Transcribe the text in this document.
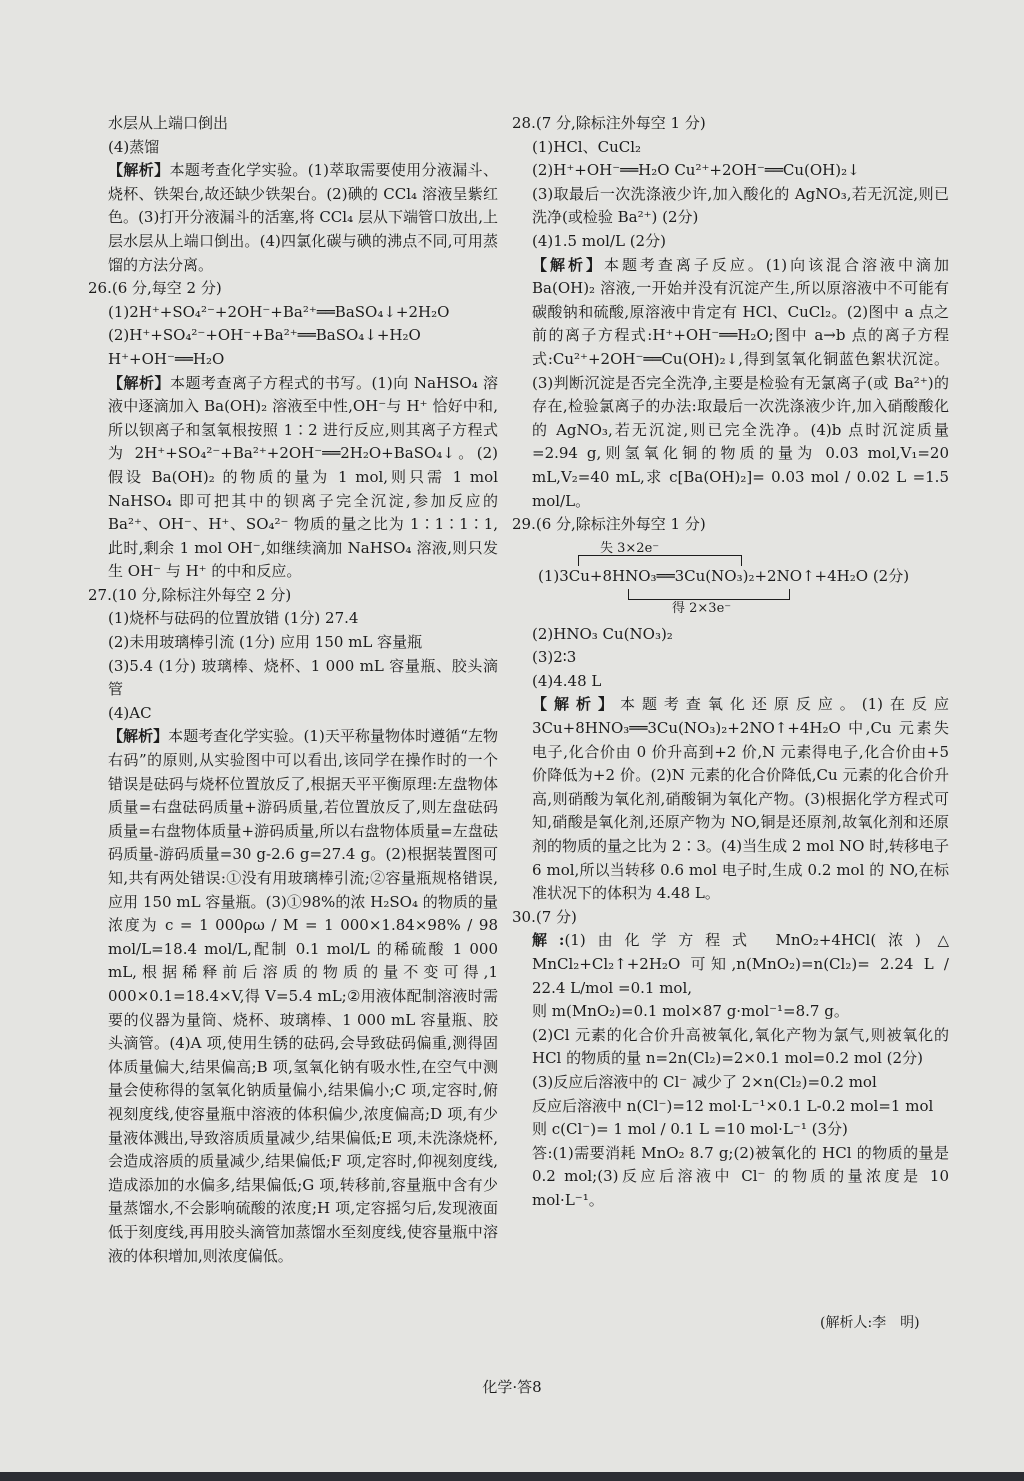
水层从上端口倒出

(4)蒸馏

【解析】本题考查化学实验。(1)萃取需要使用分液漏斗、烧杯、铁架台,故还缺少铁架台。(2)碘的 CCl₄ 溶液呈紫红色。(3)打开分液漏斗的活塞,将 CCl₄ 层从下端管口放出,上层水层从上端口倒出。(4)四氯化碳与碘的沸点不同,可用蒸馏的方法分离。

26.(6 分,每空 2 分)

(1)2H⁺+SO₄²⁻+2OH⁻+Ba²⁺══BaSO₄↓+2H₂O

(2)H⁺+SO₄²⁻+OH⁻+Ba²⁺══BaSO₄↓+H₂O

H⁺+OH⁻══H₂O

【解析】本题考查离子方程式的书写。(1)向 NaHSO₄ 溶液中逐滴加入 Ba(OH)₂ 溶液至中性,OH⁻与 H⁺ 恰好中和,所以钡离子和氢氧根按照 1∶2 进行反应,则其离子方程式为 2H⁺+SO₄²⁻+Ba²⁺+2OH⁻══2H₂O+BaSO₄↓。(2)假设 Ba(OH)₂ 的物质的量为 1 mol,则只需 1 mol NaHSO₄ 即可把其中的钡离子完全沉淀,参加反应的 Ba²⁺、OH⁻、H⁺、SO₄²⁻ 物质的量之比为 1∶1∶1∶1,此时,剩余 1 mol OH⁻,如继续滴加 NaHSO₄ 溶液,则只发生 OH⁻ 与 H⁺ 的中和反应。

27.(10 分,除标注外每空 2 分)

(1)烧杯与砝码的位置放错 (1分) 27.4

(2)未用玻璃棒引流 (1分) 应用 150 mL 容量瓶

(3)5.4 (1分) 玻璃棒、烧杯、1 000 mL 容量瓶、胶头滴管

(4)AC

【解析】本题考查化学实验。(1)天平称量物体时遵循“左物右码”的原则,从实验图中可以看出,该同学在操作时的一个错误是砝码与烧杯位置放反了,根据天平平衡原理:左盘物体质量=右盘砝码质量+游码质量,若位置放反了,则左盘砝码质量=右盘物体质量+游码质量,所以右盘物体质量=左盘砝码质量-游码质量=30 g-2.6 g=27.4 g。(2)根据装置图可知,共有两处错误:①没有用玻璃棒引流;②容量瓶规格错误,应用 150 mL 容量瓶。(3)①98%的浓 H₂SO₄ 的物质的量浓度为 c = 1 000ρω / M = 1 000×1.84×98% / 98 mol/L=18.4 mol/L,配制 0.1 mol/L 的稀硫酸 1 000 mL,根据稀释前后溶质的物质的量不变可得,1 000×0.1=18.4×V,得 V=5.4 mL;②用液体配制溶液时需要的仪器为量筒、烧杯、玻璃棒、1 000 mL 容量瓶、胶头滴管。(4)A 项,使用生锈的砝码,会导致砝码偏重,测得固体质量偏大,结果偏高;B 项,氢氧化钠有吸水性,在空气中测量会使称得的氢氧化钠质量偏小,结果偏小;C 项,定容时,俯视刻度线,使容量瓶中溶液的体积偏少,浓度偏高;D 项,有少量液体溅出,导致溶质质量减少,结果偏低;E 项,未洗涤烧杯,会造成溶质的质量减少,结果偏低;F 项,定容时,仰视刻度线,造成添加的水偏多,结果偏低;G 项,转移前,容量瓶中含有少量蒸馏水,不会影响硫酸的浓度;H 项,定容摇匀后,发现液面低于刻度线,再用胶头滴管加蒸馏水至刻度线,使容量瓶中溶液的体积增加,则浓度偏低。

28.(7 分,除标注外每空 1 分)

(1)HCl、CuCl₂

(2)H⁺+OH⁻══H₂O Cu²⁺+2OH⁻══Cu(OH)₂↓

(3)取最后一次洗涤液少许,加入酸化的 AgNO₃,若无沉淀,则已洗净(或检验 Ba²⁺) (2分)

(4)1.5 mol/L (2分)

【解析】本题考查离子反应。(1)向该混合溶液中滴加 Ba(OH)₂ 溶液,一开始并没有沉淀产生,所以原溶液中不可能有碳酸钠和硫酸,原溶液中肯定有 HCl、CuCl₂。(2)图中 a 点之前的离子方程式:H⁺+OH⁻══H₂O;图中 a→b 点的离子方程式:Cu²⁺+2OH⁻══Cu(OH)₂↓,得到氢氧化铜蓝色絮状沉淀。(3)判断沉淀是否完全洗净,主要是检验有无氯离子(或 Ba²⁺)的存在,检验氯离子的办法:取最后一次洗涤液少许,加入硝酸酸化的 AgNO₃,若无沉淀,则已完全洗净。(4)b 点时沉淀质量=2.94 g,则氢氧化铜的物质的量为 0.03 mol,V₁=20 mL,V₂=40 mL,求 c[Ba(OH)₂]= 0.03 mol / 0.02 L =1.5 mol/L。

29.(6 分,除标注外每空 1 分)

失 3×2e⁻
(1)3Cu+8HNO₃══3Cu(NO₃)₂+2NO↑+4H₂O (2分)
得 2×3e⁻

(2)HNO₃ Cu(NO₃)₂

(3)2∶3

(4)4.48 L

【解析】本题考查氧化还原反应。(1)在反应 3Cu+8HNO₃══3Cu(NO₃)₂+2NO↑+4H₂O 中,Cu 元素失电子,化合价由 0 价升高到+2 价,N 元素得电子,化合价由+5 价降低为+2 价。(2)N 元素的化合价降低,Cu 元素的化合价升高,则硝酸为氧化剂,硝酸铜为氧化产物。(3)根据化学方程式可知,硝酸是氧化剂,还原产物为 NO,铜是还原剂,故氧化剂和还原剂的物质的量之比为 2∶3。(4)当生成 2 mol NO 时,转移电子 6 mol,所以当转移 0.6 mol 电子时,生成 0.2 mol 的 NO,在标准状况下的体积为 4.48 L。

30.(7 分)

解:(1)由化学方程式 MnO₂+4HCl(浓) △ MnCl₂+Cl₂↑+2H₂O 可知,n(MnO₂)=n(Cl₂)= 2.24 L / 22.4 L/mol =0.1 mol,

则 m(MnO₂)=0.1 mol×87 g·mol⁻¹=8.7 g。

(2)Cl 元素的化合价升高被氧化,氧化产物为氯气,则被氧化的 HCl 的物质的量 n=2n(Cl₂)=2×0.1 mol=0.2 mol (2分)

(3)反应后溶液中的 Cl⁻ 减少了 2×n(Cl₂)=0.2 mol

反应后溶液中 n(Cl⁻)=12 mol·L⁻¹×0.1 L-0.2 mol=1 mol

则 c(Cl⁻)= 1 mol / 0.1 L =10 mol·L⁻¹ (3分)

答:(1)需要消耗 MnO₂ 8.7 g;(2)被氧化的 HCl 的物质的量是 0.2 mol;(3)反应后溶液中 Cl⁻ 的物质的量浓度是 10 mol·L⁻¹。

(解析人:李　明)
化学·答8
